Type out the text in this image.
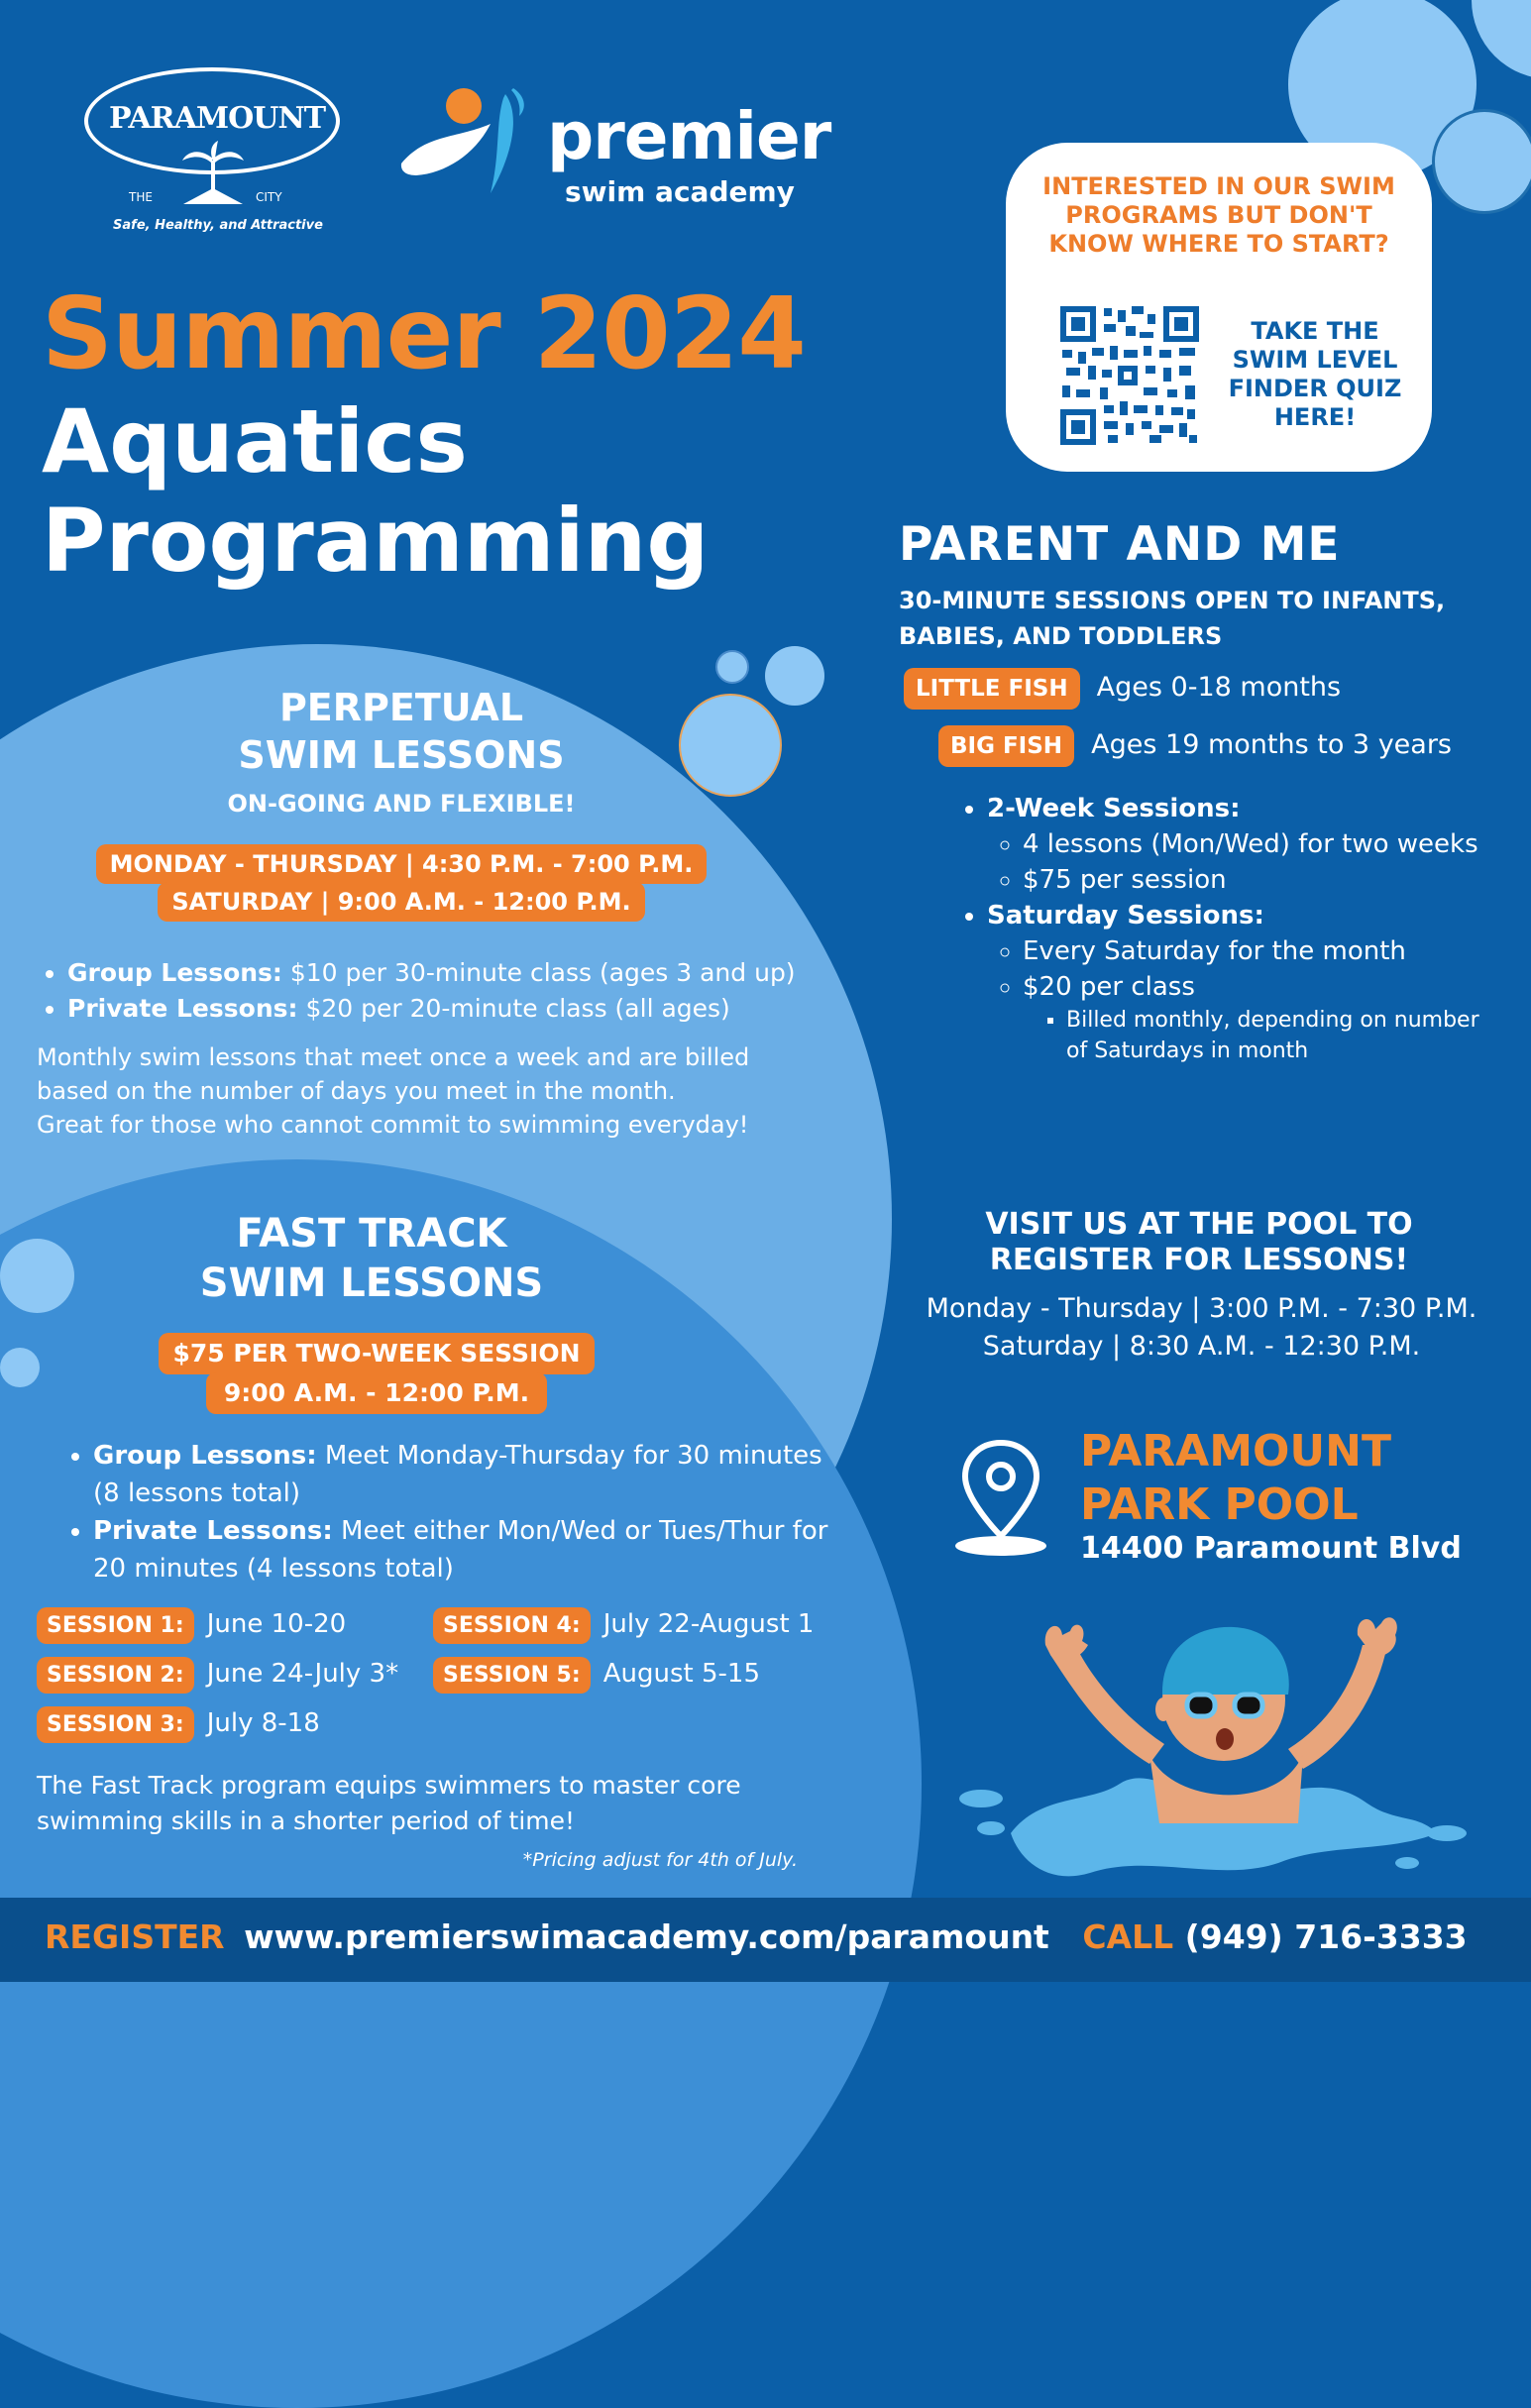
PARAMOUNT
THE	CITY
Safe, Healthy, and Attractive
premier
swim academy
Summer 2024
Aquatics
Programming
INTERESTED IN OUR SWIM PROGRAMS BUT DON'T KNOW WHERE TO START?
TAKE THE SWIM LEVEL FINDER QUIZ HERE!
PERPETUAL
SWIM LESSONS
ON-GOING AND FLEXIBLE!
MONDAY - THURSDAY | 4:30 P.M. - 7:00 P.M. SATURDAY | 9:00 A.M. - 12:00 P.M.
• Group Lessons: $10 per 30-minute class (ages 3 and up)
• Private Lessons: $20 per 20-minute class (all ages)
Monthly swim lessons that meet once a week and are billed
based on the number of days you meet in the month.
Great for those who cannot commit to swimming everyday!
FAST TRACK
SWIM LESSONS
$75 PER TWO-WEEK SESSION 9:00 A.M. - 12:00 P.M.
• Group Lessons: Meet Monday-Thursday for 30 minutes (8 lessons total)
• Private Lessons: Meet either Mon/Wed or Tues/Thur for 20 minutes (4 lessons total)
SESSION 1: June 10-20
SESSION 2: June 24-July 3*
SESSION 3: July 8-18
SESSION 4: July 22-August 1
SESSION 5: August 5-15
The Fast Track program equips swimmers to master core
swimming skills in a shorter period of time!
*Pricing adjust for 4th of July.
PARENT AND ME
30-MINUTE SESSIONS OPEN TO INFANTS,
BABIES, AND TODDLERS
LITTLE FISH Ages 0-18 months
BIG FISH Ages 19 months to 3 years
• 2-Week Sessions:
◦ 4 lessons (Mon/Wed) for two weeks
◦ $75 per session
• Saturday Sessions:
◦ Every Saturday for the month
◦ $20 per class
▪ Billed monthly, depending on number of Saturdays in month
VISIT US AT THE POOL TO
REGISTER FOR LESSONS!
Monday - Thursday | 3:00 P.M. - 7:30 P.M.
Saturday | 8:30 A.M. - 12:30 P.M.
PARAMOUNT
PARK POOL
14400 Paramount Blvd
REGISTER www.premierswimacademy.com/paramount CALL (949) 716-3333
